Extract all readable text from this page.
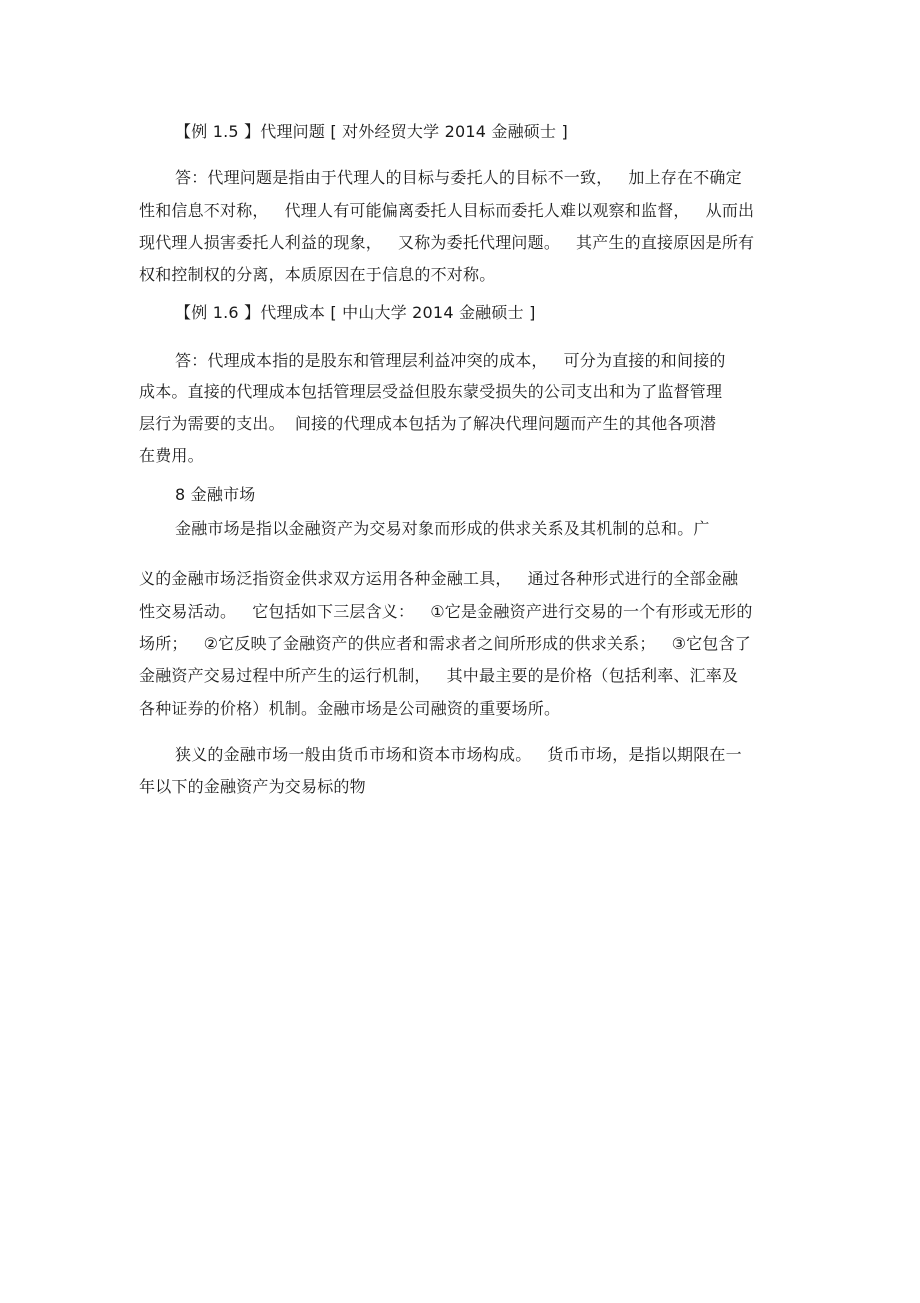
【例 1.5 】代理问题 [ 对外经贸大学 2014 金融硕士 ]
答：代理问题是指由于代理人的目标与委托人的目标不一致， 加上存在不确定
性和信息不对称， 代理人有可能偏离委托人目标而委托人难以观察和监督， 从而出
现代理人损害委托人利益的现象， 又称为委托代理问题。 其产生的直接原因是所有
权和控制权的分离，本质原因在于信息的不对称。
【例 1.6 】代理成本 [ 中山大学 2014 金融硕士 ]
答：代理成本指的是股东和管理层利益冲突的成本， 可分为直接的和间接的
成本。直接的代理成本包括管理层受益但股东蒙受损失的公司支出和为了监督管理
层行为需要的支出。 间接的代理成本包括为了解决代理问题而产生的其他各项潜
在费用。
8 金融市场
金融市场是指以金融资产为交易对象而形成的供求关系及其机制的总和。广
义的金融市场泛指资金供求双方运用各种金融工具， 通过各种形式进行的全部金融
性交易活动。 它包括如下三层含义： ①它是金融资产进行交易的一个有形或无形的
场所； ②它反映了金融资产的供应者和需求者之间所形成的供求关系； ③它包含了
金融资产交易过程中所产生的运行机制， 其中最主要的是价格（包括利率、汇率及
各种证券的价格）机制。金融市场是公司融资的重要场所。
狭义的金融市场一般由货币市场和资本市场构成。 货币市场，是指以期限在一
年以下的金融资产为交易标的物
